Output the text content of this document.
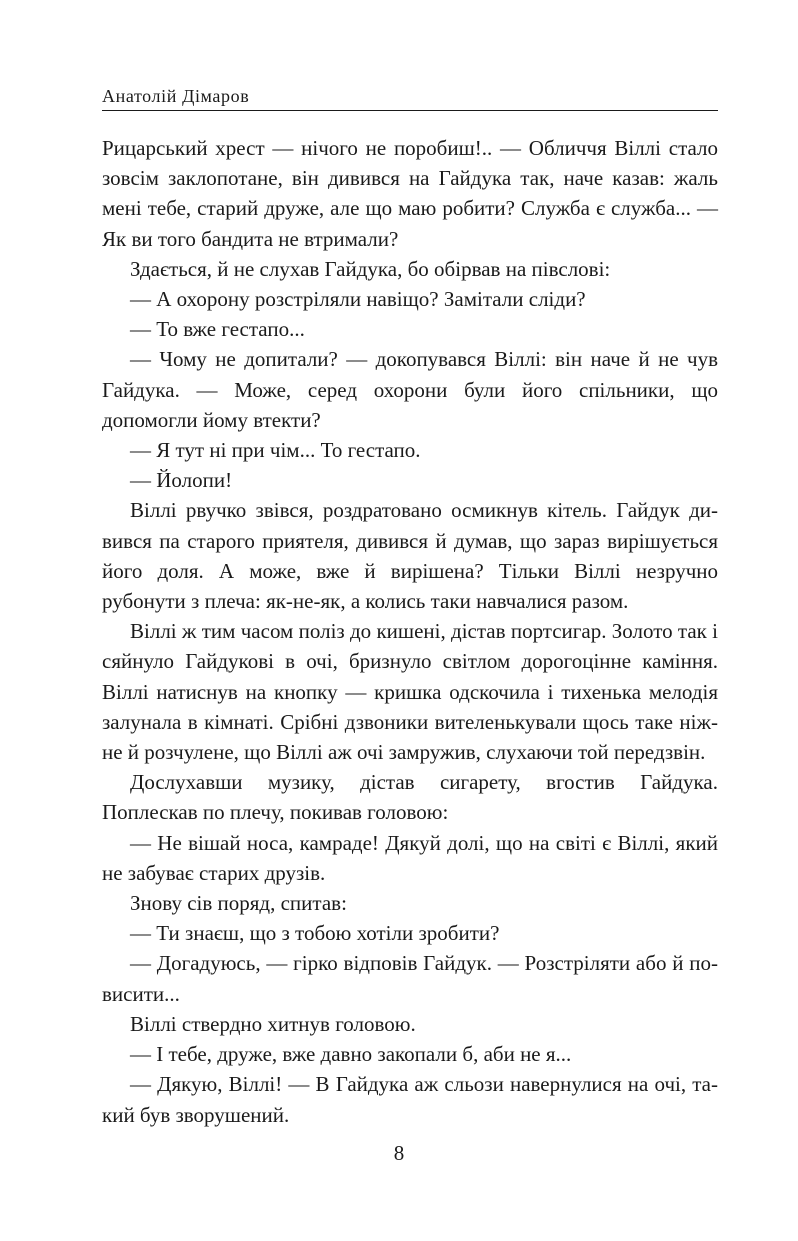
Анатолій Дімаров

Рицарський хрест — нічого не поробиш!.. — Обличчя Віллі стало зовсім заклопотане, він дивився на Гайдука так, наче казав: жаль мені тебе, старий друже, але що маю робити? Служба є служба... — Як ви того бандита не втримали?

Здається, й не слухав Гайдука, бо обірвав на півслові:

— А охорону розстріляли навіщо? Замітали сліди?

— То вже гестапо...

— Чому не допитали? — докопувався Віллі: він наче й не чув Гайдука. — Може, серед охорони були його спільники, що допомогли йому втекти?

— Я тут ні при чім... То гестапо.

— Йолопи!

Віллі рвучко звівся, роздратовано осмикнув кітель. Гайдук дивився па старого приятеля, дивився й думав, що зараз вирішується його доля. А може, вже й вирішена? Тільки Віллі незручно рубонути з плеча: як-не-як, а колись таки навчалися разом.

Віллі ж тим часом поліз до кишені, дістав портсигар. Золото так і сяйнуло Гайдукові в очі, бризнуло світлом дорогоцінне каміння. Віллі натиснув на кнопку — кришка одскочила і тихенька мелодія залунала в кімнаті. Срібні дзвоники вителенькували щось таке ніжне й розчулене, що Віллі аж очі замружив, слухаючи той передзвін.

Дослухавши музику, дістав сигарету, вгостив Гайдука. Поплескав по плечу, покивав головою:

— Не вішай носа, камраде! Дякуй долі, що на світі є Віллі, який не забуває старих друзів.

Знову сів поряд, спитав:

— Ти знаєш, що з тобою хотіли зробити?

— Догадуюсь, — гірко відповів Гайдук. — Розстріляти або й повисити...

Віллі ствердно хитнув головою.

— І тебе, друже, вже давно закопали б, аби не я...

— Дякую, Віллі! — В Гайдука аж сльози навернулися на очі, такий був зворушений.

8
